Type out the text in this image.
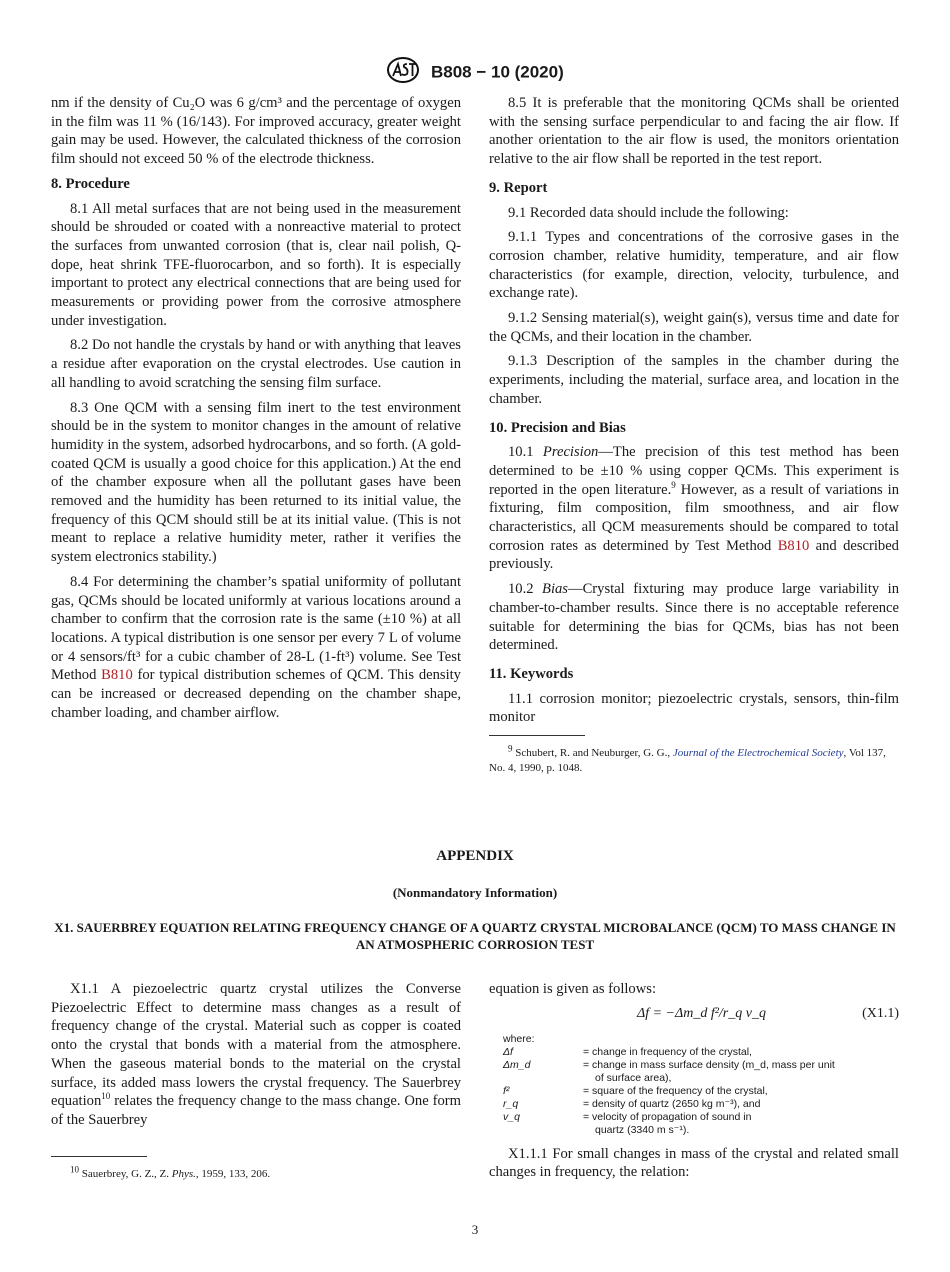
B808 − 10 (2020)

nm if the density of Cu₂O was 6 g/cm³ and the percentage of oxygen in the film was 11 % (16/143). For improved accuracy, greater weight gain may be used. However, the calculated thickness of the corrosion film should not exceed 50 % of the electrode thickness.

8. Procedure

8.1 All metal surfaces that are not being used in the measurement should be shrouded or coated with a nonreactive material to protect the surfaces from unwanted corrosion (that is, clear nail polish, Q-dope, heat shrink TFE-fluorocarbon, and so forth). It is especially important to protect any electrical connections that are being used for measurements or providing power from the corrosive atmosphere under investigation.

8.2 Do not handle the crystals by hand or with anything that leaves a residue after evaporation on the crystal electrodes. Use caution in all handling to avoid scratching the sensing film surface.

8.3 One QCM with a sensing film inert to the test environment should be in the system to monitor changes in the amount of relative humidity in the system, adsorbed hydrocarbons, and so forth. (A gold-coated QCM is usually a good choice for this application.) At the end of the chamber exposure when all the pollutant gases have been removed and the humidity has been returned to its initial value, the frequency of this QCM should still be at its initial value. (This is not meant to replace a relative humidity meter, rather it verifies the system electronics stability.)

8.4 For determining the chamber’s spatial uniformity of pollutant gas, QCMs should be located uniformly at various locations around a chamber to confirm that the corrosion rate is the same (±10 %) at all locations. A typical distribution is one sensor per every 7 L of volume or 4 sensors/ft³ for a cubic chamber of 28-L (1-ft³) volume. See Test Method B810 for typical distribution schemes of QCM. This density can be increased or decreased depending on the chamber shape, chamber loading, and chamber airflow.

8.5 It is preferable that the monitoring QCMs shall be oriented with the sensing surface perpendicular to and facing the air flow. If another orientation to the air flow is used, the monitors orientation relative to the air flow shall be reported in the test report.

9. Report

9.1 Recorded data should include the following:

9.1.1 Types and concentrations of the corrosive gases in the corrosion chamber, relative humidity, temperature, and air flow characteristics (for example, direction, velocity, turbulence, and exchange rate).

9.1.2 Sensing material(s), weight gain(s), versus time and date for the QCMs, and their location in the chamber.

9.1.3 Description of the samples in the chamber during the experiments, including the material, surface area, and location in the chamber.

10. Precision and Bias

10.1 Precision—The precision of this test method has been determined to be ±10 % using copper QCMs. This experiment is reported in the open literature.$^9$ However, as a result of variations in fixturing, film composition, film smoothness, and air flow characteristics, all QCM measurements should be compared to total corrosion rates as determined by Test Method B810 and described previously.

10.2 Bias—Crystal fixturing may produce large variability in chamber-to-chamber results. Since there is no acceptable reference suitable for determining the bias for QCMs, bias has not been determined.

11. Keywords

11.1 corrosion monitor; piezoelectric crystals, sensors, thin-film monitor

$^9$ Schubert, R. and Neuburger, G. G., Journal of the Electrochemical Society, Vol 137, No. 4, 1990, p. 1048.
APPENDIX
(Nonmandatory Information)
X1. SAUERBREY EQUATION RELATING FREQUENCY CHANGE OF A QUARTZ CRYSTAL MICROBALANCE (QCM) TO MASS CHANGE IN AN ATMOSPHERIC CORROSION TEST

X1.1 A piezoelectric quartz crystal utilizes the Converse Piezoelectric Effect to determine mass changes as a result of frequency change of the crystal. Material such as copper is coated onto the crystal that bonds with a material from the atmosphere. When the gaseous material bonds to the material on the crystal surface, its added mass lowers the crystal frequency. The Sauerbrey equation$^{10}$ relates the frequency change to the mass change. One form of the Sauerbrey

$^{10}$ Sauerbrey, G. Z., Z. Phys., 1959, 133, 206.

equation is given as follows:

Δf = −Δm_d f²/r_q v_q	(X1.1)
where:
Δf	= change in frequency of the crystal,
Δm_d	= change in mass surface density (m_d, mass per unit
of surface area),
f²	= square of the frequency of the crystal,
r_q	= density of quartz (2650 kg m⁻³), and
v_q	= velocity of propagation of sound in
quartz (3340 m s⁻¹).

X1.1.1 For small changes in mass of the crystal and related small changes in frequency, the relation:

3
